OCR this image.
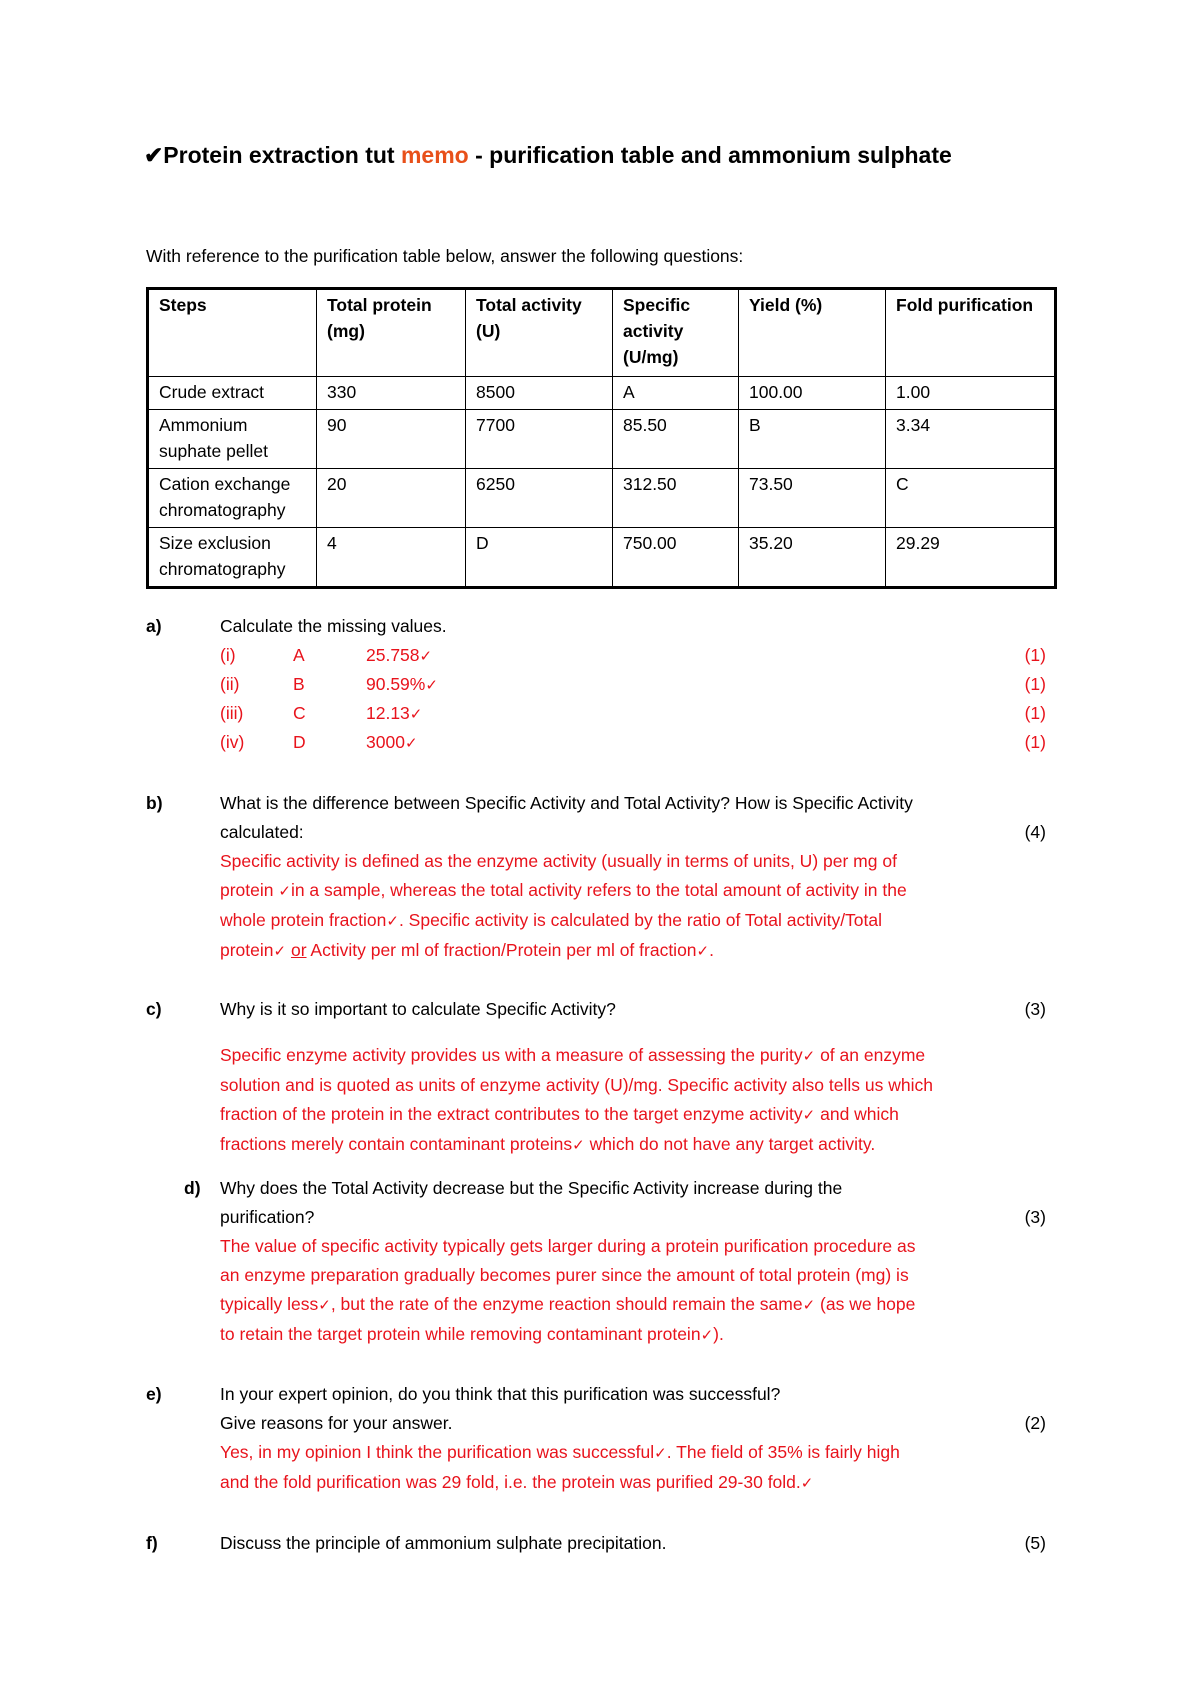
✔Protein extraction tut memo - purification table and ammonium sulphate
With reference to the purification table below, answer the following questions:
Steps	Total protein (mg)	Total activity (U)	Specific activity (U/mg)	Yield (%)	Fold purification
Crude extract	330	8500	A	100.00	1.00
Ammonium suphate pellet	90	7700	85.50	B	3.34
Cation exchange chromatography	20	6250	312.50	73.50	C
Size exclusion chromatography	4	D	750.00	35.20	29.29
a)	Calculate the missing values.
(i)	A	25.758✓	(1)
(ii)	B	90.59%✓	(1)
(iii)	C	12.13✓	(1)
(iv)	D	3000✓	(1)
b)	What is the difference between Specific Activity and Total Activity? How is Specific Activity
calculated:	(4)
Specific activity is defined as the enzyme activity (usually in terms of units, U) per mg of
protein ✓in a sample, whereas the total activity refers to the total amount of activity in the
whole protein fraction✓. Specific activity is calculated by the ratio of Total activity/Total
protein✓ or Activity per ml of fraction/Protein per ml of fraction✓.
c)	Why is it so important to calculate Specific Activity?	(3)
Specific enzyme activity provides us with a measure of assessing the purity✓ of an enzyme
solution and is quoted as units of enzyme activity (U)/mg. Specific activity also tells us which
fraction of the protein in the extract contributes to the target enzyme activity✓ and which
fractions merely contain contaminant proteins✓ which do not have any target activity.
d) Why does the Total Activity decrease but the Specific Activity increase during the
purification?	(3)
The value of specific activity typically gets larger during a protein purification procedure as
an enzyme preparation gradually becomes purer since the amount of total protein (mg) is
typically less✓, but the rate of the enzyme reaction should remain the same✓ (as we hope
to retain the target protein while removing contaminant protein✓).
e)	In your expert opinion, do you think that this purification was successful?
Give reasons for your answer.	(2)
Yes, in my opinion I think the purification was successful✓. The field of 35% is fairly high
and the fold purification was 29 fold, i.e. the protein was purified 29-30 fold.✓
f)	Discuss the principle of ammonium sulphate precipitation.	(5)
